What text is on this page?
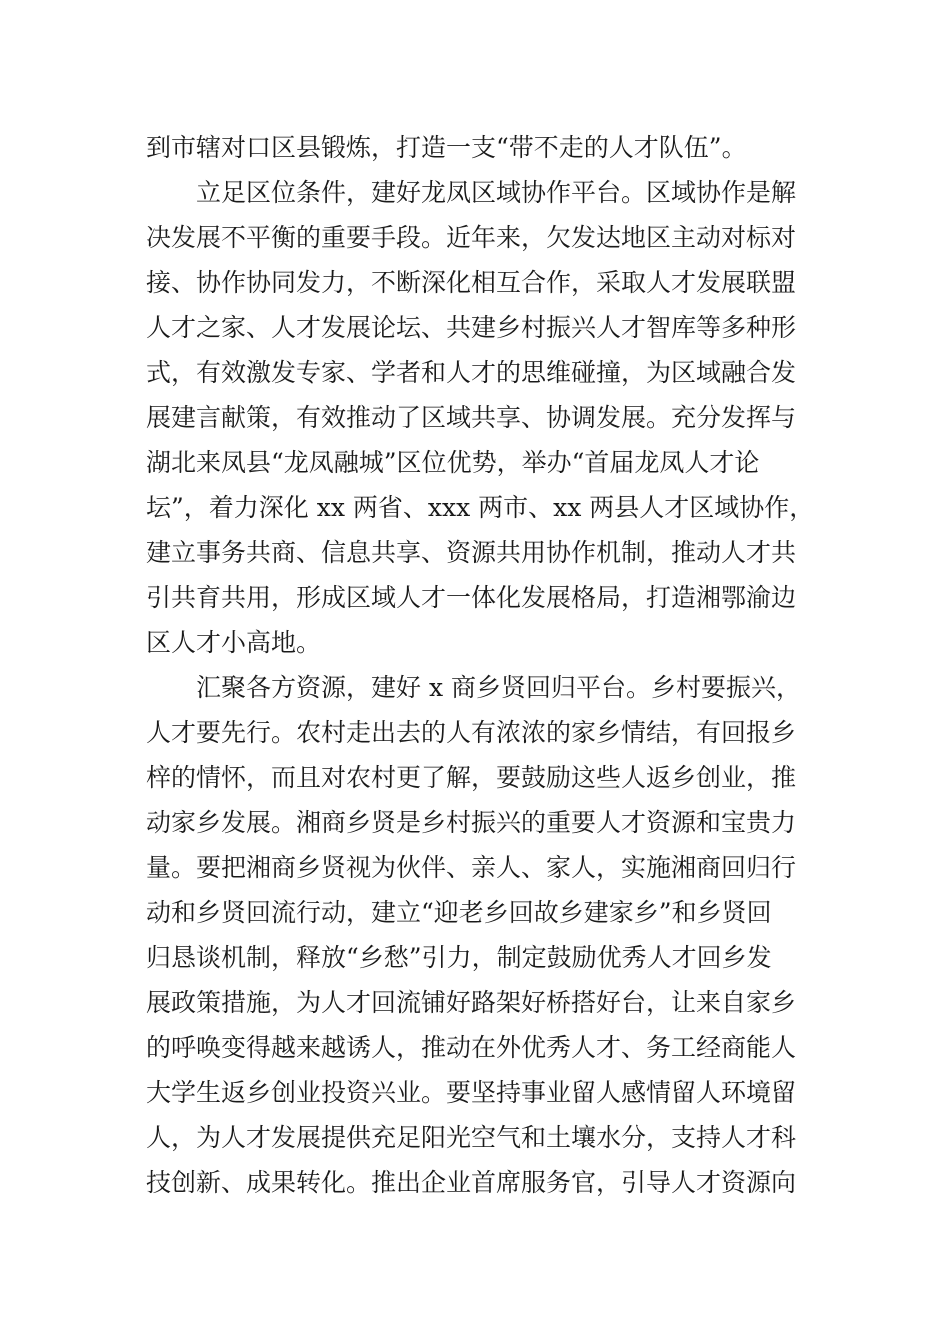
到市辖对口区县锻炼，打造一支“带不走的人才队伍”。
立足区位条件，建好龙凤区域协作平台。区域协作是解
决发展不平衡的重要手段。近年来，欠发达地区主动对标对
接、协作协同发力，不断深化相互合作，采取人才发展联盟
人才之家、人才发展论坛、共建乡村振兴人才智库等多种形
式，有效激发专家、学者和人才的思维碰撞，为区域融合发
展建言献策，有效推动了区域共享、协调发展。充分发挥与
湖北来凤县“龙凤融城”区位优势，举办“首届龙凤人才论
坛”，着力深化 xx 两省、xxx 两市、xx 两县人才区域协作，
建立事务共商、信息共享、资源共用协作机制，推动人才共
引共育共用，形成区域人才一体化发展格局，打造湘鄂渝边
区人才小高地。
汇聚各方资源，建好 x 商乡贤回归平台。乡村要振兴，
人才要先行。农村走出去的人有浓浓的家乡情结，有回报乡
梓的情怀，而且对农村更了解，要鼓励这些人返乡创业，推
动家乡发展。湘商乡贤是乡村振兴的重要人才资源和宝贵力
量。要把湘商乡贤视为伙伴、亲人、家人，实施湘商回归行
动和乡贤回流行动，建立“迎老乡回故乡建家乡”和乡贤回
归恳谈机制，释放“乡愁”引力，制定鼓励优秀人才回乡发
展政策措施，为人才回流铺好路架好桥搭好台，让来自家乡
的呼唤变得越来越诱人，推动在外优秀人才、务工经商能人
大学生返乡创业投资兴业。要坚持事业留人感情留人环境留
人，为人才发展提供充足阳光空气和土壤水分，支持人才科
技创新、成果转化。推出企业首席服务官，引导人才资源向
